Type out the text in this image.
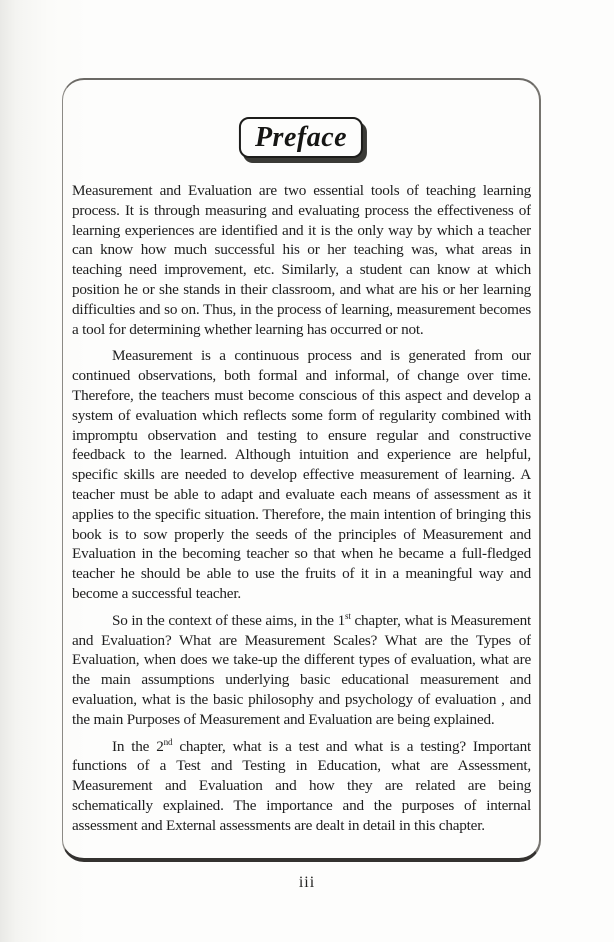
Preface

Measurement and Evaluation are two essential tools of teaching learning process. It is through measuring and evaluating process the effectiveness of learning experiences are identified and it is the only way by which a teacher can know how much successful his or her teaching was, what areas in teaching need improvement, etc. Similarly, a student can know at which position he or she stands in their classroom, and what are his or her learning difficulties and so on. Thus, in the process of learning, measurement becomes a tool for determining whether learning has occurred or not.

Measurement is a continuous process and is generated from our continued observations, both formal and informal, of change over time. Therefore, the teachers must become conscious of this aspect and develop a system of evaluation which reflects some form of regularity combined with impromptu observation and testing to ensure regular and constructive feedback to the learned. Although intuition and experience are helpful, specific skills are needed to develop effective measurement of learning. A teacher must be able to adapt and evaluate each means of assessment as it applies to the specific situation. Therefore, the main intention of bringing this book is to sow properly the seeds of the principles of Measurement and Evaluation in the becoming teacher so that when he became a full-fledged teacher he should be able to use the fruits of it in a meaningful way and become a successful teacher.

So in the context of these aims, in the 1st chapter, what is Measurement and Evaluation? What are Measurement Scales? What are the Types of Evaluation, when does we take-up the different types of evaluation, what are the main assumptions underlying basic educational measurement and evaluation, what is the basic philosophy and psychology of evaluation , and the main Purposes of Measurement and Evaluation are being explained.

In the 2nd chapter, what is a test and what is a testing? Important functions of a Test and Testing in Education, what are Assessment, Measurement and Evaluation and how they are related are being schematically explained. The importance and the purposes of internal assessment and External assessments are dealt in detail in this chapter.

iii
